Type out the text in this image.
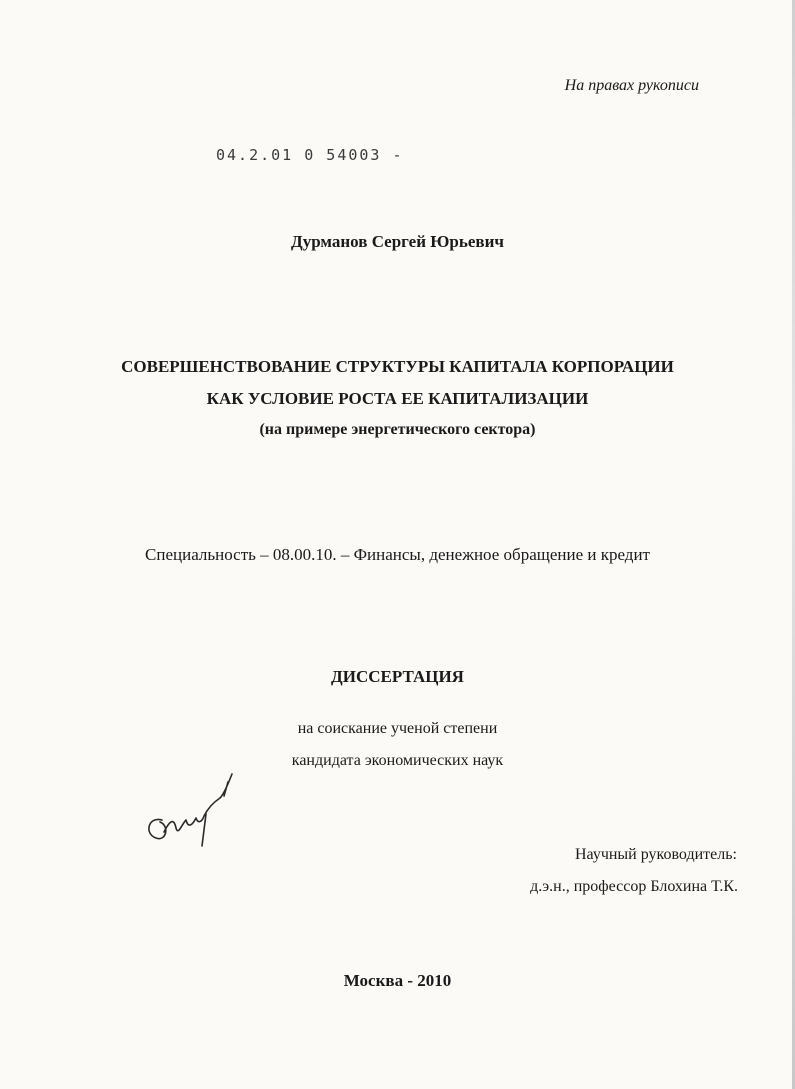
На правах рукописи
04.2.01 0 54003 -
Дурманов Сергей Юрьевич
СОВЕРШЕНСТВОВАНИЕ СТРУКТУРЫ КАПИТАЛА КОРПОРАЦИИ
КАК УСЛОВИЕ РОСТА ЕЕ КАПИТАЛИЗАЦИИ
(на примере энергетического сектора)
Специальность – 08.00.10. – Финансы, денежное обращение и кредит
ДИССЕРТАЦИЯ
на соискание ученой степени
кандидата экономических наук
Научный руководитель:
д.э.н., профессор Блохина Т.К.
Москва - 2010
